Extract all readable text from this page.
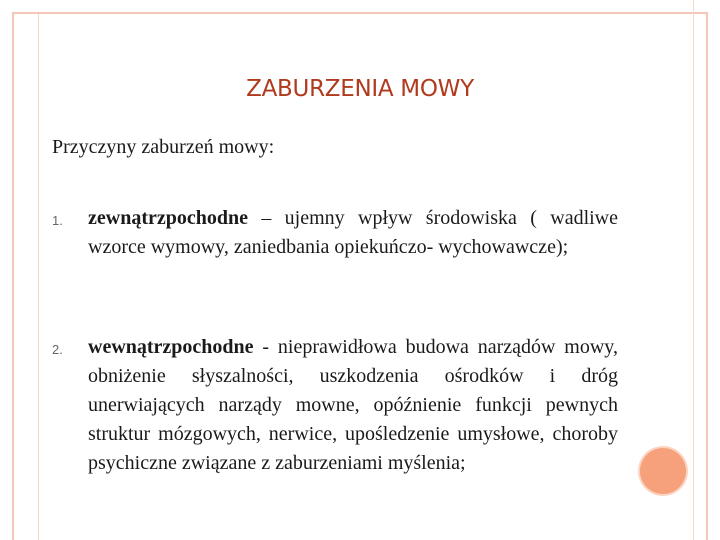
ZABURZENIA MOWY
Przyczyny zaburzeń mowy:
1. zewnątrzpochodne – ujemny wpływ środowiska ( wadliwe wzorce wymowy, zaniedbania opiekuńczo- wychowawcze);
2. wewnątrzpochodne - nieprawidłowa budowa narządów mowy, obniżenie słyszalności, uszkodzenia ośrodków i dróg unerwiających narządy mowne, opóźnienie funkcji pewnych struktur mózgowych, nerwice, upośledzenie umysłowe, choroby psychiczne związane z zaburzeniami myślenia;
